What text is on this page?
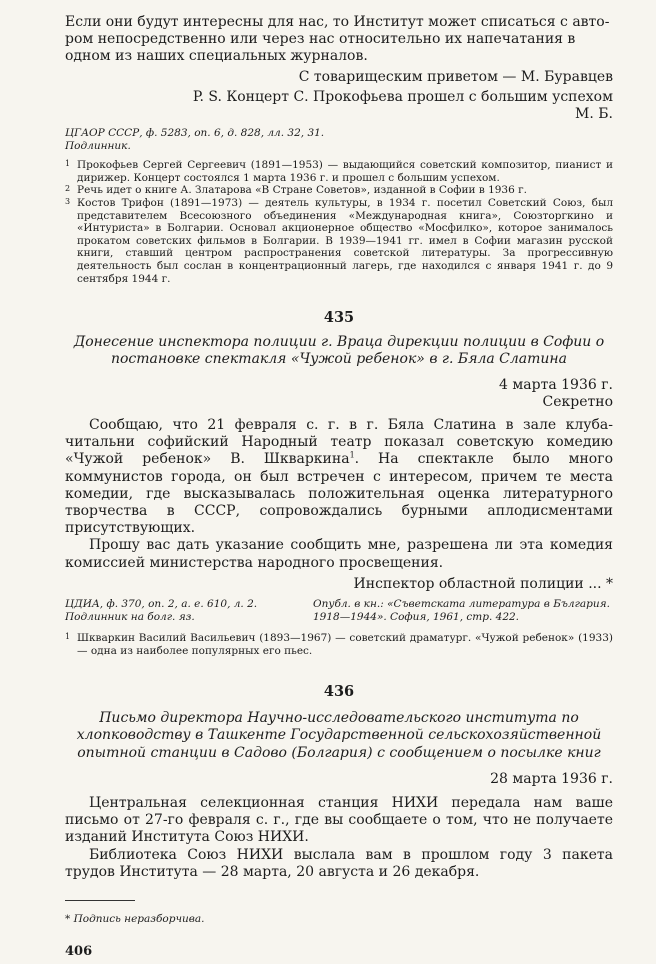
Если они будут интересны для нас, то Институт может списаться с авто-

ром непосредственно или через нас относительно их напечатания в

одном из наших специальных журналов.

С товарищеским приветом — М. Буравцев

P. S. Концерт С. Прокофьева прошел с большим успехом

М. Б.

ЦГАОР СССР, ф. 5283, оп. 6, д. 828, лл. 32, 31.

Подлинник.

1 Прокофьев Сергей Сергеевич (1891—1953) — выдающийся советский композитор, пианист и дирижер. Концерт состоялся 1 марта 1936 г. и прошел с большим успехом.

2 Речь идет о книге А. Златарова «В Стране Советов», изданной в Софии в 1936 г.

3 Костов Трифон (1891—1973) — деятель культуры, в 1934 г. посетил Советский Союз, был представителем Всесоюзного объединения «Международная книга», Союзторгкино и «Интуриста» в Болгарии. Основал акционерное общество «Мосфилко», которое занималось прокатом советских фильмов в Болгарии. В 1939—1941 гг. имел в Софии магазин русской книги, ставший центром распространения советской литературы. За прогрессивную деятельность был сослан в концентрационный лагерь, где находился с января 1941 г. до 9 сентября 1944 г.

435

Донесение инспектора полиции г. Враца дирекции полиции в Софии о постановке спектакля «Чужой ребенок» в г. Бяла Слатина

4 марта 1936 г.

Секретно

Сообщаю, что 21 февраля с. г. в г. Бяла Слатина в зале клуба-читальни софийский Народный театр показал советскую комедию «Чужой ребенок» В. Шкваркина$^1$. На спектакле было много коммунистов города, он был встречен с интересом, причем те места комедии, где высказывалась положительная оценка литературного творчества в СССР, сопровождались бурными аплодисментами присутствующих.

Прошу вас дать указание сообщить мне, разрешена ли эта комедия комиссией министерства народного просвещения.

Инспектор областной полиции ... *

ЦДИА, ф. 370, оп. 2, а. е. 610, л. 2.

Подлинник на болг. яз.

Опубл. в кн.: «Съветската литература в България. 1918—1944». София, 1961, стр. 422.

1 Шкваркин Василий Васильевич (1893—1967) — советский драматург. «Чужой ребенок» (1933) — одна из наиболее популярных его пьес.

436

Письмо директора Научно-исследовательского института по хлопководству в Ташкенте Государственной сельскохозяйственной опытной станции в Садово (Болгария) с сообщением о посылке книг

28 марта 1936 г.

Центральная селекционная станция НИХИ передала нам ваше письмо от 27-го февраля с. г., где вы сообщаете о том, что не получаете изданий Института Союз НИХИ.

Библиотека Союз НИХИ выслала вам в прошлом году 3 пакета трудов Института — 28 марта, 20 августа и 26 декабря.

* Подпись неразборчива.

406
